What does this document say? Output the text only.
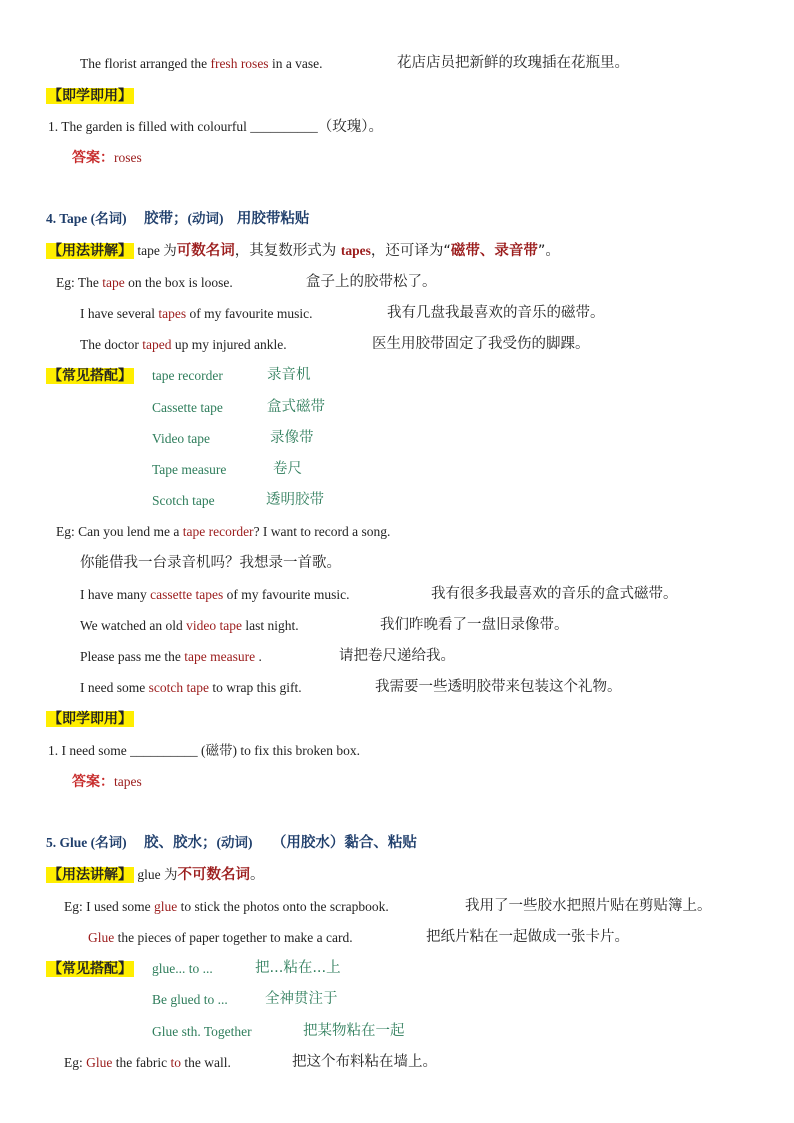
The florist arranged the fresh roses in a vase.	花店店员把新鲜的玫瑰插在花瓶里。
【即学即用】
1. The garden is filled with colourful __________（玫瑰）。
答案：roses
4. Tape (名词) 胶带；(动词) 用胶带粘贴
【用法讲解】 tape 为可数名词，其复数形式为 tapes，还可译为“磁带、录音带”。
Eg: The tape on the box is loose.	盒子上的胶带松了。
I have several tapes of my favourite music.	我有几盘我最喜欢的音乐的磁带。
The doctor taped up my injured ankle.	医生用胶带固定了我受伤的脚踝。
【常见搭配】 tape recorder	录音机
Cassette tape	盒式磁带
Video tape	录像带
Tape measure	卷尺
Scotch tape	透明胶带
Eg: Can you lend me a tape recorder? I want to record a song.
你能借我一台录音机吗？我想录一首歌。
I have many cassette tapes of my favourite music.	我有很多我最喜欢的音乐的盒式磁带。
We watched an old video tape last night.	我们昨晚看了一盘旧录像带。
Please pass me the tape measure .	请把卷尺递给我。
I need some scotch tape to wrap this gift.	我需要一些透明胶带来包装这个礼物。
【即学即用】
1. I need some __________ (磁带) to fix this broken box.
答案：tapes
5. Glue (名词) 胶、胶水；(动词) （用胶水）黏合、粘贴
【用法讲解】 glue 为不可数名词。
Eg: I used some glue to stick the photos onto the scrapbook.	我用了一些胶水把照片贴在剪贴簿上。
Glue the pieces of paper together to make a card.	把纸片粘在一起做成一张卡片。
【常见搭配】 glue... to ...	把...粘在...上
Be glued to ...	全神贯注于
Glue sth. Together	把某物粘在一起
Eg: Glue the fabric to the wall.	把这个布料粘在墙上。
